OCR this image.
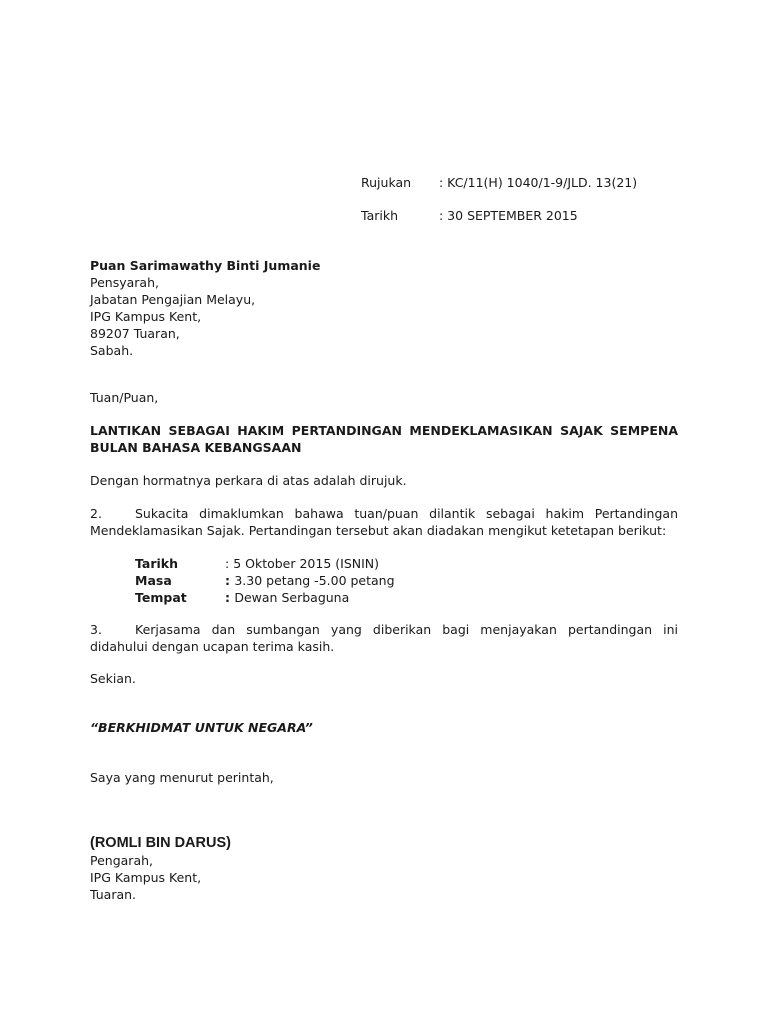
Rujukan : KC/11(H) 1040/1-9/JLD. 13(21)
Tarikh	: 30 SEPTEMBER 2015
Puan Sarimawathy Binti Jumanie
Pensyarah,
Jabatan Pengajian Melayu,
IPG Kampus Kent,
89207 Tuaran,
Sabah.
Tuan/Puan,
LANTIKAN SEBAGAI HAKIM PERTANDINGAN MENDEKLAMASIKAN SAJAK SEMPENA BULAN BAHASA KEBANGSAAN
Dengan hormatnya perkara di atas adalah dirujuk.
2.	Sukacita dimaklumkan bahawa tuan/puan dilantik sebagai hakim Pertandingan Mendeklamasikan Sajak. Pertandingan tersebut akan diadakan mengikut ketetapan berikut:
Tarikh	: 5 Oktober 2015 (ISNIN)
Masa	: 3.30 petang -5.00 petang
Tempat	: Dewan Serbaguna
3.	Kerjasama dan sumbangan yang diberikan bagi menjayakan pertandingan ini didahului dengan ucapan terima kasih.
Sekian.
“BERKHIDMAT UNTUK NEGARA”
Saya yang menurut perintah,
(ROMLI BIN DARUS)
Pengarah,
IPG Kampus Kent,
Tuaran.
